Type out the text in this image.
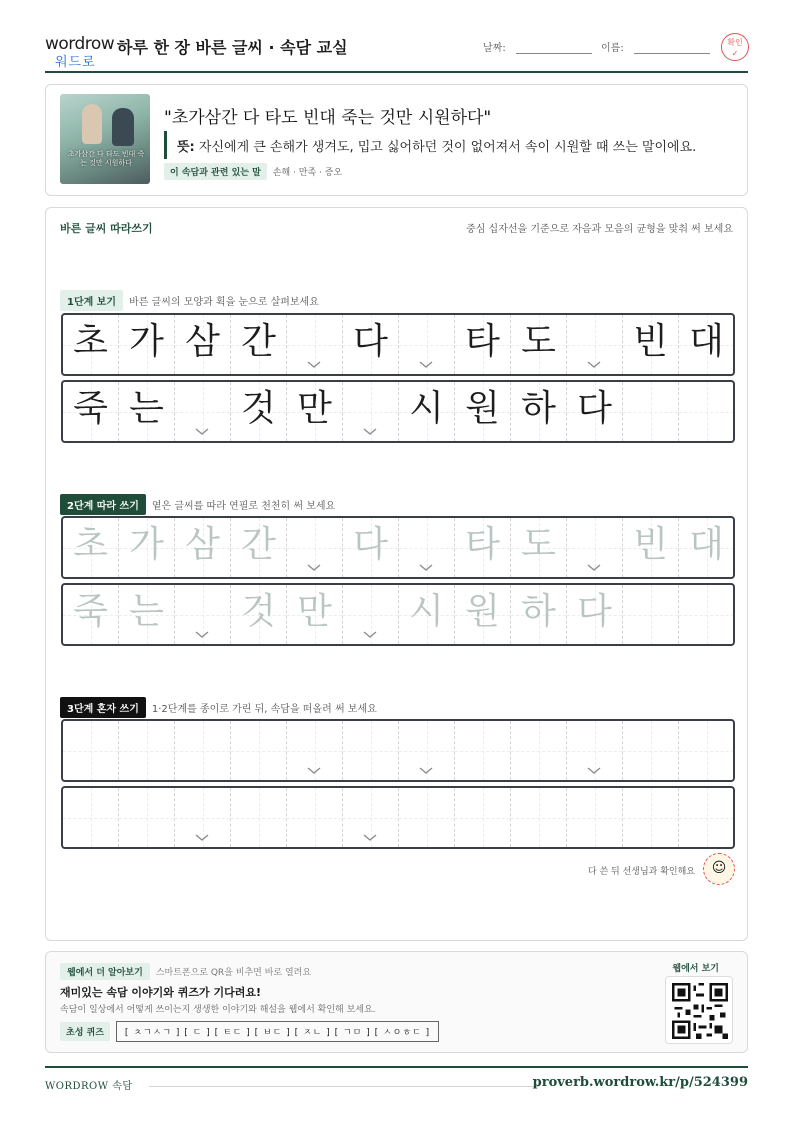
wordrow
워드로
하루 한 장 바른 글씨 · 속담 교실	날짜:	이름:
확인
✓
초가삼간 다 타도 빈대 죽는 것만 시원하다
"초가삼간 다 타도 빈대 죽는 것만 시원하다"
뜻: 자신에게 큰 손해가 생겨도, 밉고 싫어하던 것이 없어져서 속이 시원할 때 쓰는 말이에요.
이 속담과 관련 있는 말 손해 · 만족 · 증오
바른 글씨 따라쓰기	중심 십자선을 기준으로 자음과 모음의 균형을 맞춰 써 보세요
1단계 보기 바른 글씨의 모양과 획을 눈으로 살펴보세요
초 가 삼 간 다 타 도 빈 대
죽 는 것 만 시 원 하 다
2단계 따라 쓰기 옅은 글씨를 따라 연필로 천천히 써 보세요
초 가 삼 간 다 타 도 빈 대
죽 는 것 만 시 원 하 다
3단계 혼자 쓰기 1·2단계를 종이로 가린 뒤, 속담을 떠올려 써 보세요
다 쓴 뒤 선생님과 확인해요	☺
웹에서 더 알아보기 스마트폰으로 QR을 비추면 바로 열려요
재미있는 속담 이야기와 퀴즈가 기다려요!
속담이 일상에서 어떻게 쓰이는지 생생한 이야기와 해설을 웹에서 확인해 보세요.
초성 퀴즈 [ ㅊㄱㅅㄱ ] [ ㄷ ] [ ㅌㄷ ] [ ㅂㄷ ] [ ㅈㄴ ] [ ㄱㅁ ] [ ㅅㅇㅎㄷ ]
웹에서 보기
WORDROW 속담	proverb.wordrow.kr/p/524399
